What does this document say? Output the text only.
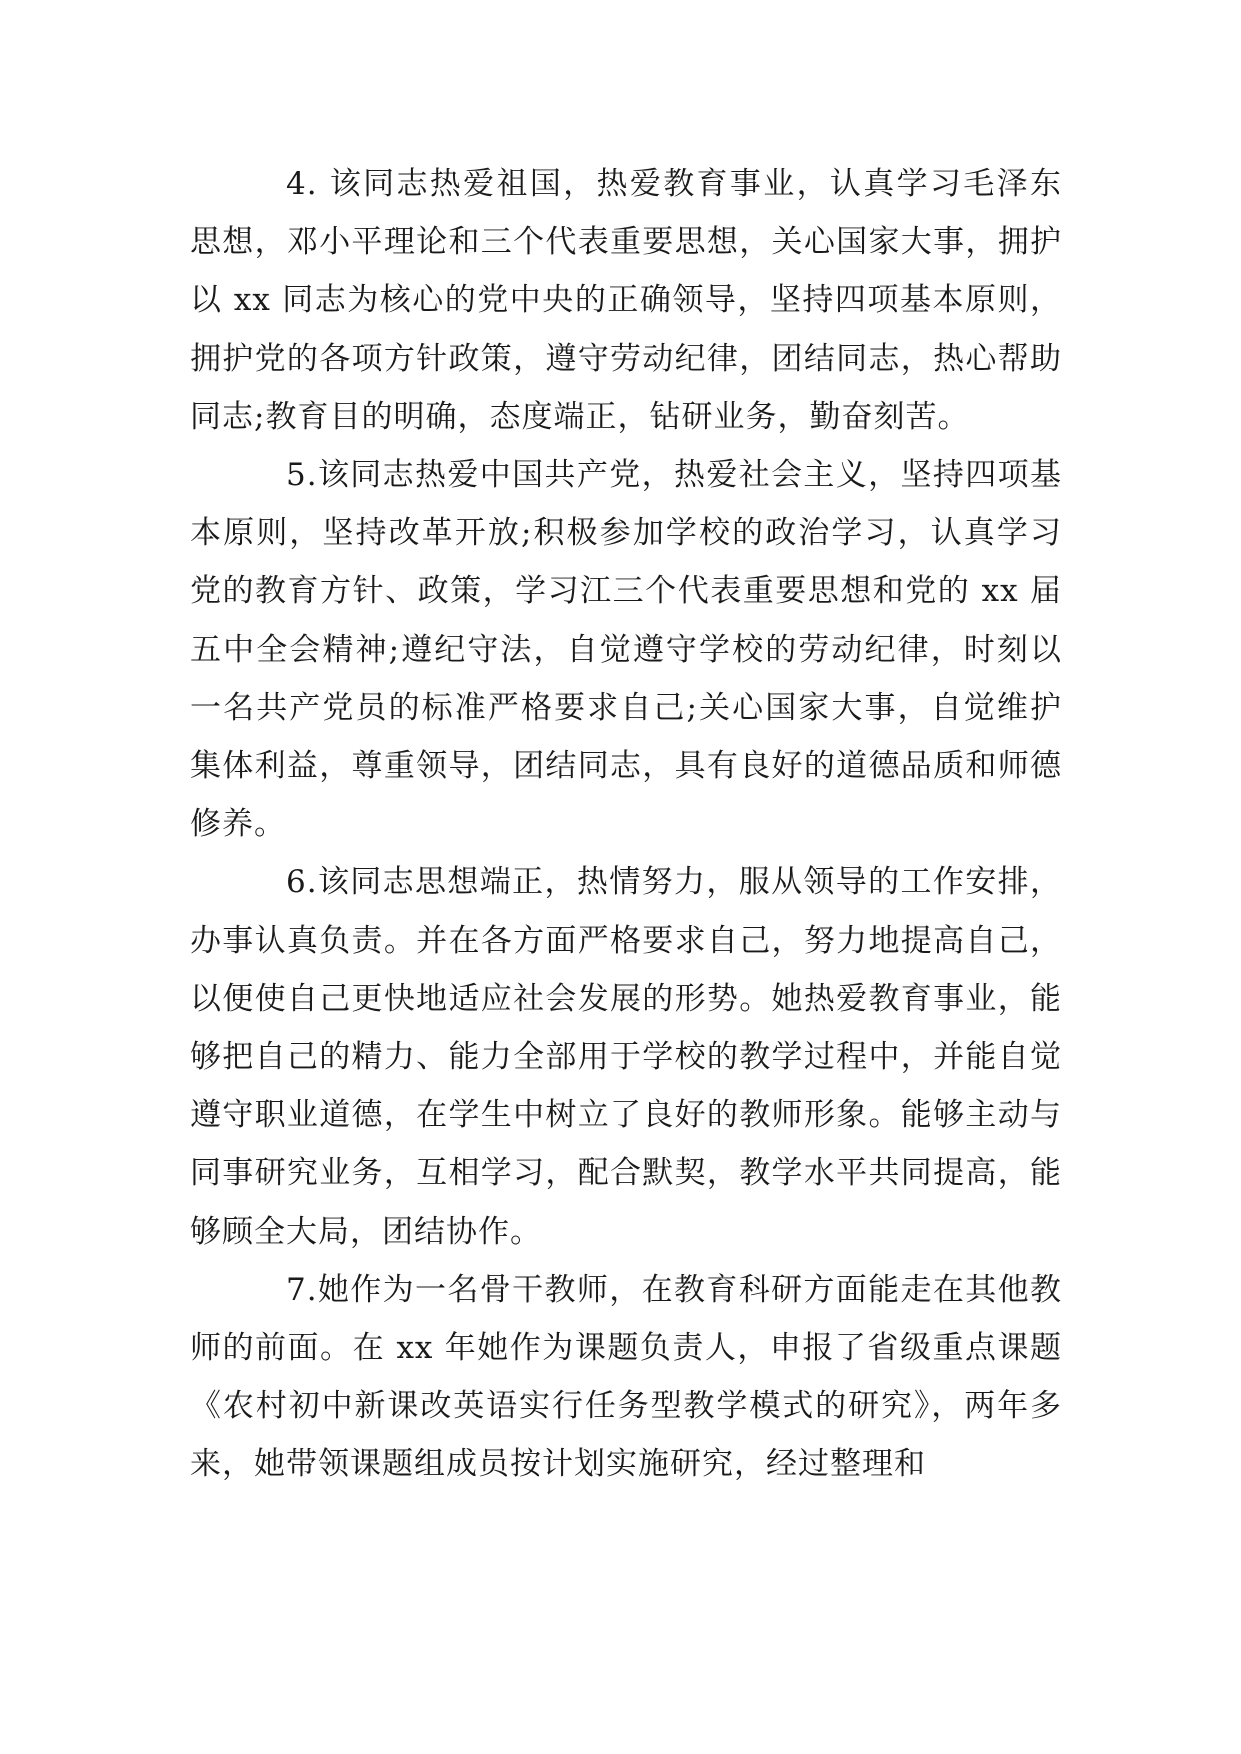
4. 该同志热爱祖国，热爱教育事业，认真学习毛泽东思想，邓小平理论和三个代表重要思想，关心国家大事，拥护以 xx 同志为核心的党中央的正确领导，坚持四项基本原则，拥护党的各项方针政策，遵守劳动纪律，团结同志，热心帮助同志;教育目的明确，态度端正，钻研业务，勤奋刻苦。

5.该同志热爱中国共产党，热爱社会主义，坚持四项基本原则，坚持改革开放;积极参加学校的政治学习，认真学习党的教育方针、政策，学习江三个代表重要思想和党的 xx 届五中全会精神;遵纪守法，自觉遵守学校的劳动纪律，时刻以一名共产党员的标准严格要求自己;关心国家大事，自觉维护集体利益，尊重领导，团结同志，具有良好的道德品质和师德修养。

6.该同志思想端正，热情努力，服从领导的工作安排，办事认真负责。并在各方面严格要求自己，努力地提高自己，以便使自己更快地适应社会发展的形势。她热爱教育事业，能够把自己的精力、能力全部用于学校的教学过程中，并能自觉遵守职业道德，在学生中树立了良好的教师形象。能够主动与同事研究业务，互相学习，配合默契，教学水平共同提高，能够顾全大局，团结协作。

7.她作为一名骨干教师，在教育科研方面能走在其他教师的前面。在 xx 年她作为课题负责人，申报了省级重点课题《农村初中新课改英语实行任务型教学模式的研究》，两年多来，她带领课题组成员按计划实施研究，经过整理和
